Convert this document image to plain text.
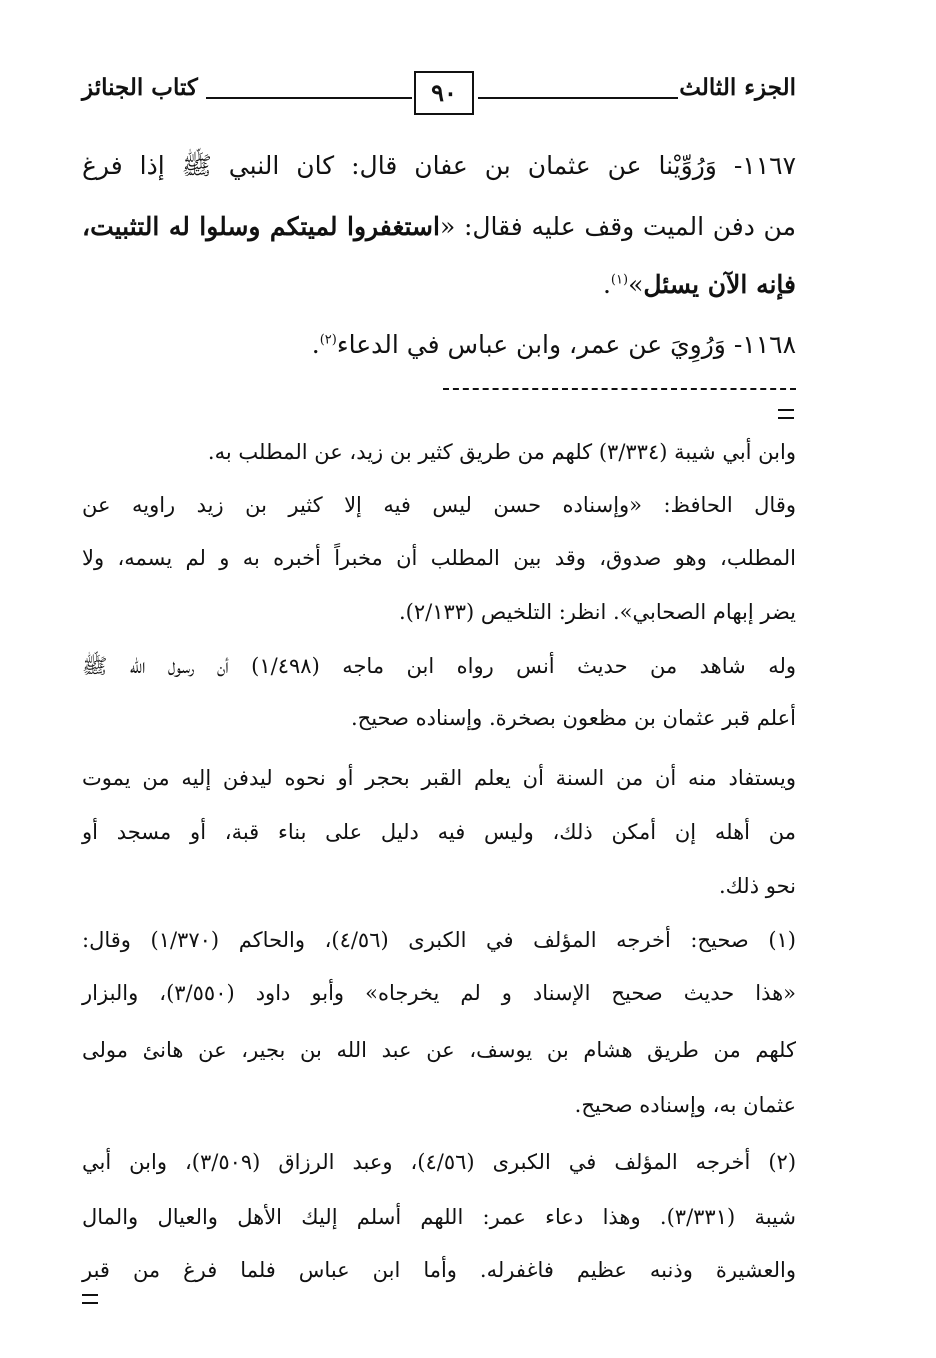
الجزء الثالث
٩٠
كتاب الجنائز
١١٦٧- وَرُوِّيْنا عن عثمان بن عفان قال: كان النبي ﷺ إذا فرغ
من دفن الميت وقف عليه فقال: «استغفروا لميتكم وسلوا له التثبيت،
فإنه الآن يسئل»$^{(١)}$.
١١٦٨- وَرُوِيَ عن عمر، وابن عباس في الدعاء$^{(٢)}$.
وابن أبي شيبة (٣/٣٣٤) كلهم من طريق كثير بن زيد، عن المطلب به.
وقال الحافظ: «وإسناده حسن ليس فيه إلا كثير بن زيد راويه عن
المطلب، وهو صدوق، وقد بين المطلب أن مخبراً أخبره به و لم يسمه، ولا
يضر إبهام الصحابي». انظر: التلخيص (٢/١٣٣).
وله شاهد من حديث أنس رواه ابن ماجه (١/٤٩٨) أن رسول الله ﷺ
أعلم قبر عثمان بن مظعون بصخرة. وإسناده صحيح.
ويستفاد منه أن من السنة أن يعلم القبر بحجر أو نحوه ليدفن إليه من يموت
من أهله إن أمكن ذلك، وليس فيه دليل على بناء قبة، أو مسجد أو
نحو ذلك.
(١) صحيح: أخرجه المؤلف في الكبرى (٤/٥٦)، والحاكم (١/٣٧٠) وقال:
«هذا حديث صحيح الإسناد و لم يخرجاه» وأبو داود (٣/٥٥٠)، والبزار
كلهم من طريق هشام بن يوسف، عن عبد الله بن بجير، عن هانئ مولى
عثمان به، وإسناده صحيح.
(٢) أخرجه المؤلف في الكبرى (٤/٥٦)، وعبد الرزاق (٣/٥٠٩)، وابن أبي
شيبة (٣/٣٣١). وهذا دعاء عمر: اللهم أسلم إليك الأهل والعيال والمال
والعشيرة وذنبه عظيم فاغفرله. وأما ابن عباس فلما فرغ من قبر
